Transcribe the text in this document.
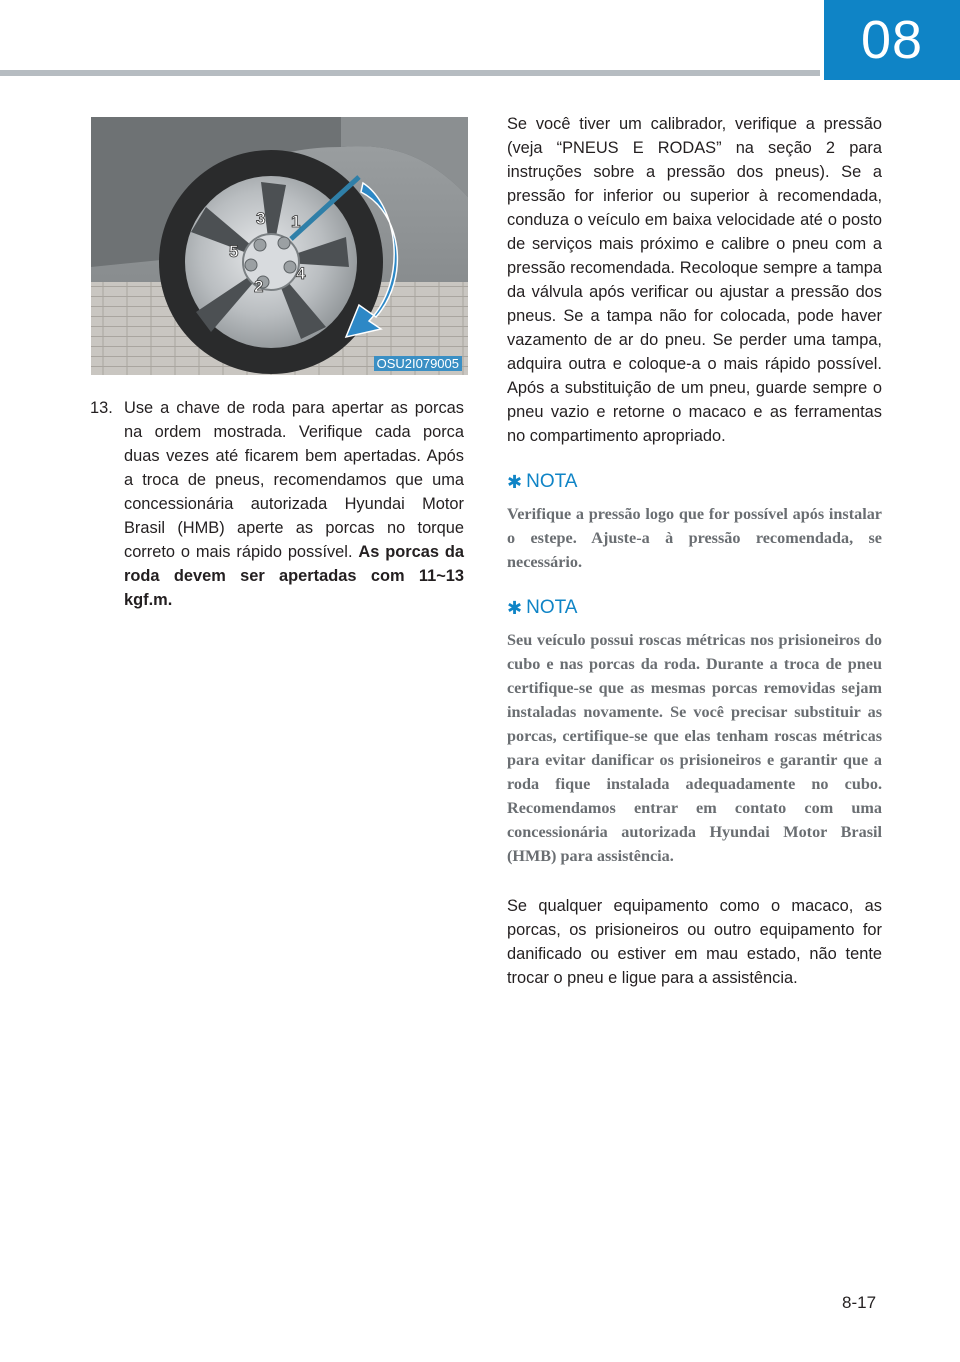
08
1
2
3
4
5
OSU2I079005
13. Use a chave de roda para apertar as porcas na ordem mostrada. Verifique cada porca duas vezes até ficarem bem apertadas. Após a troca de pneus, recomendamos que uma concessionária autorizada Hyundai Motor Brasil (HMB) aperte as porcas no torque correto o mais rápido possível. As porcas da roda devem ser apertadas com 11~13 kgf.m.

Se você tiver um calibrador, verifique a pressão (veja “PNEUS E RODAS” na seção 2 para instruções sobre a pressão dos pneus). Se a pressão for inferior ou superior à recomendada, conduza o veículo em baixa velocidade até o posto de serviços mais próximo e calibre o pneu com a pressão recomendada. Recoloque sempre a tampa da válvula após verificar ou ajustar a pressão dos pneus. Se a tampa não for colocada, pode haver vazamento de ar do pneu. Se perder uma tampa, adquira outra e coloque-a o mais rápido possível. Após a substituição de um pneu, guarde sempre o pneu vazio e retorne o macaco e as ferramentas no compartimento apropriado.

✱ NOTA

Verifique a pressão logo que for possível após instalar o estepe. Ajuste-a à pressão recomendada, se necessário.

✱ NOTA

Seu veículo possui roscas métricas nos prisioneiros do cubo e nas porcas da roda. Durante a troca de pneu certifique-se que as mesmas porcas removidas sejam instaladas novamente. Se você precisar substituir as porcas, certifique-se que elas tenham roscas métricas para evitar danificar os prisioneiros e garantir que a roda fique instalada adequadamente no cubo. Recomendamos entrar em contato com uma concessionária autorizada Hyundai Motor Brasil (HMB) para assistência.

Se qualquer equipamento como o macaco, as porcas, os prisioneiros ou outro equipamento for danificado ou estiver em mau estado, não tente trocar o pneu e ligue para a assistência.

8-17
